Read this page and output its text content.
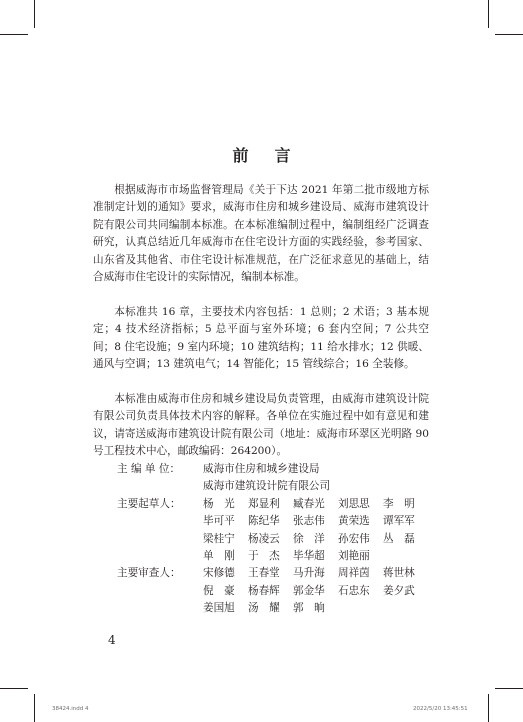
前言

根据威海市市场监督管理局《关于下达 2021 年第二批市级地方标准制定计划的通知》要求，威海市住房和城乡建设局、威海市建筑设计院有限公司共同编制本标准。在本标准编制过程中，编制组经广泛调查研究，认真总结近几年威海市在住宅设计方面的实践经验，参考国家、山东省及其他省、市住宅设计标准规范，在广泛征求意见的基础上，结合威海市住宅设计的实际情况，编制本标准。

本标准共 16 章，主要技术内容包括：1 总则；2 术语；3 基本规定；4 技术经济指标；5 总平面与室外环境；6 套内空间；7 公共空间；8 住宅设施；9 室内环境；10 建筑结构；11 给水排水；12 供暖、通风与空调；13 建筑电气；14 智能化；15 管线综合；16 全装修。

本标准由威海市住房和城乡建设局负责管理，由威海市建筑设计院有限公司负责具体技术内容的解释。各单位在实施过程中如有意见和建议，请寄送威海市建筑设计院有限公司（地址：威海市环翠区光明路 90 号工程技术中心，邮政编码：264200）。

主 编 单 位：	威海市住房和城乡建设局
威海市建筑设计院有限公司
主要起草人：	杨　光	郑显利	臧春光	刘思思	李　明
毕可平	陈纪华	张志伟	黄荣选	谭军军
梁桂宁	杨凌云	徐　洋	孙宏伟	丛　磊
单　刚	于　杰	毕华超	刘艳丽
主要审查人：	宋修德	王春堂	马升海	周祥茵	蒋世林
倪　豪	杨春辉	郭金华	石忠东	姜夕武
姜国旭	汤　耀	郭　晌
4
38424.indd 4	2022/5/20 13:45:51
